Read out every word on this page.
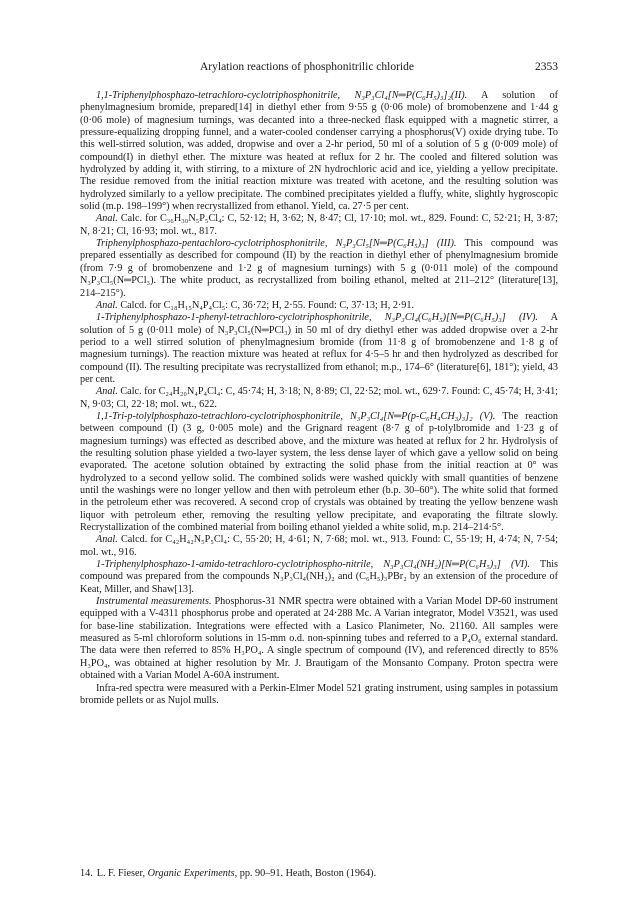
Arylation reactions of phosphonitrilic chloride	2353

1,1-Triphenylphosphazo-tetrachloro-cyclotriphosphonitrile, N₃P₃Cl₄[N═P(C₆H₅)₃]₂(II). A solution of phenylmagnesium bromide, prepared[14] in diethyl ether from 9·55 g (0·06 mole) of bromobenzene and 1·44 g (0·06 mole) of magnesium turnings, was decanted into a three-necked flask equipped with a magnetic stirrer, a pressure-equalizing dropping funnel, and a water-cooled condenser carrying a phosphorus(V) oxide drying tube. To this well-stirred solution, was added, dropwise and over a 2-hr period, 50 ml of a solution of 5 g (0·009 mole) of compound(I) in diethyl ether. The mixture was heated at reflux for 2 hr. The cooled and filtered solution was hydrolyzed by adding it, with stirring, to a mixture of 2N hydrochloric acid and ice, yielding a yellow precipitate. The residue removed from the initial reaction mixture was treated with acetone, and the resulting solution was hydrolyzed similarly to a yellow precipitate. The combined precipitates yielded a fluffy, white, slightly hygroscopic solid (m.p. 198–199°) when recrystallized from ethanol. Yield, ca. 27·5 per cent.

Anal. Calc. for C₃₆H₃₀N₅P₅Cl₄: C, 52·12; H, 3·62; N, 8·47; Cl, 17·10; mol. wt., 829. Found: C, 52·21; H, 3·87; N, 8·21; Cl, 16·93; mol. wt., 817.

Triphenylphosphazo-pentachloro-cyclotriphosphonitrile, N₃P₃Cl₅[N═P(C₆H₅)₃] (III). This compound was prepared essentially as described for compound (II) by the reaction in diethyl ether of phenylmagnesium bromide (from 7·9 g of bromobenzene and 1·2 g of magnesium turnings) with 5 g (0·011 mole) of the compound N₃P₃Cl₅(N═PCl₃). The white product, as recrystallized from boiling ethanol, melted at 211–212° (literature[13], 214–215°).

Anal. Calcd. for C₁₈H₁₅N₄P₄Cl₅: C, 36·72; H, 2·55. Found: C, 37·13; H, 2·91.

1-Triphenylphosphazo-1-phenyl-tetrachloro-cyclotriphosphonitrile, N₃P₃Cl₄(C₆H₅)[N═P(C₆H₅)₃] (IV). A solution of 5 g (0·011 mole) of N₃P₃Cl₅(N═PCl₃) in 50 ml of dry diethyl ether was added dropwise over a 2-hr period to a well stirred solution of phenylmagnesium bromide (from 11·8 g of bromobenzene and 1·8 g of magnesium turnings). The reaction mixture was heated at reflux for 4·5–5 hr and then hydrolyzed as described for compound (II). The resulting precipitate was recrystallized from ethanol; m.p., 174–6° (literature[6], 181°); yield, 43 per cent.

Anal. Calc. for C₂₄H₂₀N₄P₄Cl₄: C, 45·74; H, 3·18; N, 8·89; Cl, 22·52; mol. wt., 629·7. Found: C, 45·74; H, 3·41; N, 9·03; Cl, 22·18; mol. wt., 622.

1,1-Tri-p-tolylphosphazo-tetrachloro-cyclotriphosphonitrile, N₃P₃Cl₄[N═P(p-C₆H₄CH₃)₃]₂ (V). The reaction between compound (I) (3 g, 0·005 mole) and the Grignard reagent (8·7 g of p-tolylbromide and 1·23 g of magnesium turnings) was effected as described above, and the mixture was heated at reflux for 2 hr. Hydrolysis of the resulting solution phase yielded a two-layer system, the less dense layer of which gave a yellow solid on being evaporated. The acetone solution obtained by extracting the solid phase from the initial reaction at 0° was hydrolyzed to a second yellow solid. The combined solids were washed quickly with small quantities of benzene until the washings were no longer yellow and then with petroleum ether (b.p. 30–60°). The white solid that formed in the petroleum ether was recovered. A second crop of crystals was obtained by treating the yellow benzene wash liquor with petroleum ether, removing the resulting yellow precipitate, and evaporating the filtrate slowly. Recrystallization of the combined material from boiling ethanol yielded a white solid, m.p. 214–214·5°.

Anal. Calcd. for C₄₂H₄₂N₅P₅Cl₄: C, 55·20; H, 4·61; N, 7·68; mol. wt., 913. Found: C, 55·19; H, 4·74; N, 7·54; mol. wt., 916.

1-Triphenylphosphazo-1-amido-tetrachloro-cyclotriphospho-nitrile, N₃P₃Cl₄(NH₂)[N═P(C₆H₅)₃] (VI). This compound was prepared from the compounds N₃P₃Cl₄(NH₂)₂ and (C₆H₅)₃PBr₂ by an extension of the procedure of Keat, Miller, and Shaw[13].

Instrumental measurements. Phosphorus-31 NMR spectra were obtained with a Varian Model DP-60 instrument equipped with a V-4311 phosphorus probe and operated at 24·288 Mc. A Varian integrator, Model V3521, was used for base-line stabilization. Integrations were effected with a Lasico Planimeter, No. 21160. All samples were measured as 5-ml chloroform solutions in 15-mm o.d. non-spinning tubes and referred to a P₄O₆ external standard. The data were then referred to 85% H₃PO₄. A single spectrum of compound (IV), and referenced directly to 85% H₃PO₄, was obtained at higher resolution by Mr. J. Brautigam of the Monsanto Company. Proton spectra were obtained with a Varian Model A-60A instrument.

Infra-red spectra were measured with a Perkin-Elmer Model 521 grating instrument, using samples in potassium bromide pellets or as Nujol mulls.

14. L. F. Fieser, Organic Experiments, pp. 90–91. Heath, Boston (1964).
